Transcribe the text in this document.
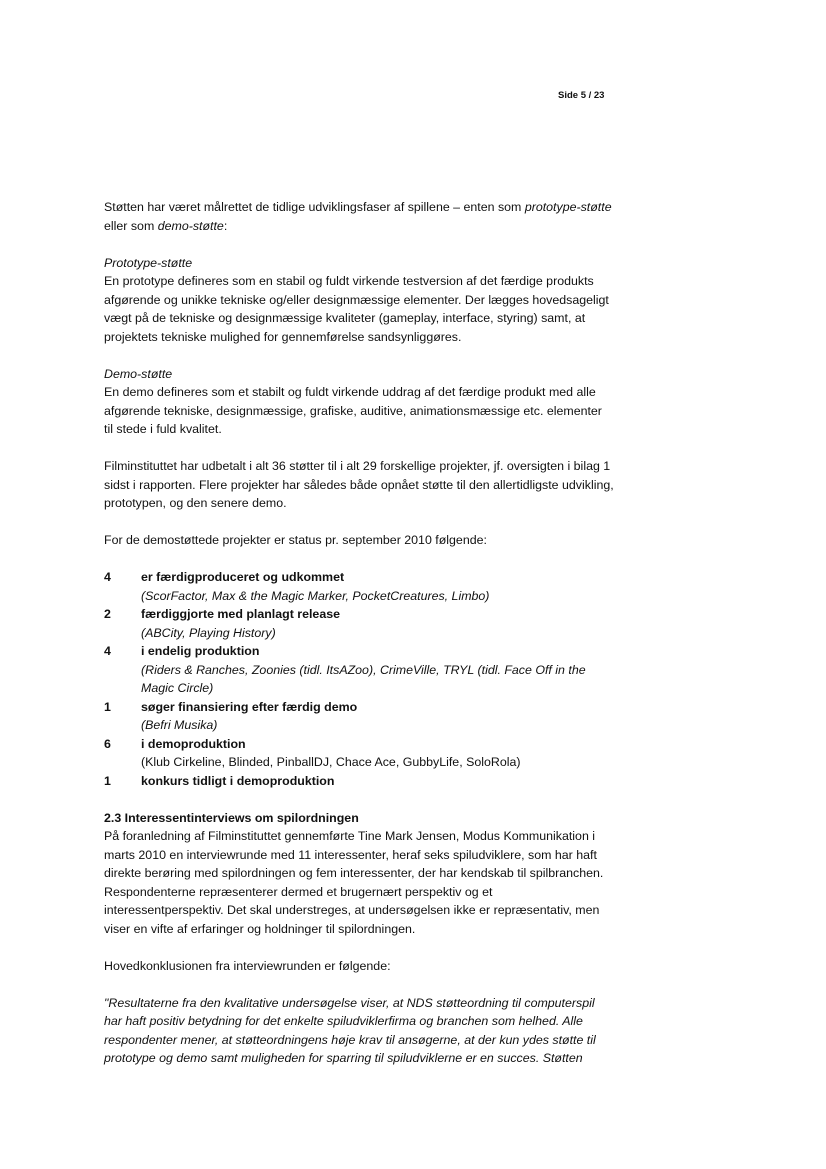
Side 5 / 23

Støtten har været målrettet de tidlige udviklingsfaser af spillene – enten som prototype-støtte eller som demo-støtte:

Prototype-støtte

En prototype defineres som en stabil og fuldt virkende testversion af det færdige produkts afgørende og unikke tekniske og/eller designmæssige elementer. Der lægges hovedsageligt vægt på de tekniske og designmæssige kvaliteter (gameplay, interface, styring) samt, at projektets tekniske mulighed for gennemførelse sandsynliggøres.

Demo-støtte

En demo defineres som et stabilt og fuldt virkende uddrag af det færdige produkt med alle afgørende tekniske, designmæssige, grafiske, auditive, animationsmæssige etc. elementer til stede i fuld kvalitet.

Filminstituttet har udbetalt i alt 36 støtter til i alt 29 forskellige projekter, jf. oversigten i bilag 1 sidst i rapporten. Flere projekter har således både opnået støtte til den allertidligste udvikling, prototypen, og den senere demo.

For de demostøttede projekter er status pr. september 2010 følgende:

4 er færdigproduceret og udkommet
(ScorFactor, Max & the Magic Marker, PocketCreatures, Limbo)
2 færdiggjorte med planlagt release
(ABCity, Playing History)
4 i endelig produktion
(Riders & Ranches, Zoonies (tidl. ItsAZoo), CrimeVille, TRYL (tidl. Face Off in the Magic Circle)
1 søger finansiering efter færdig demo
(Befri Musika)
6 i demoproduktion
(Klub Cirkeline, Blinded, PinballDJ, Chace Ace, GubbyLife, SoloRola)
1 konkurs tidligt i demoproduktion

2.3 Interessentinterviews om spilordningen

På foranledning af Filminstituttet gennemførte Tine Mark Jensen, Modus Kommunikation i marts 2010 en interviewrunde med 11 interessenter, heraf seks spiludviklere, som har haft direkte berøring med spilordningen og fem interessenter, der har kendskab til spilbranchen. Respondenterne repræsenterer dermed et brugernært perspektiv og et interessentperspektiv. Det skal understreges, at undersøgelsen ikke er repræsentativ, men viser en vifte af erfaringer og holdninger til spilordningen.

Hovedkonklusionen fra interviewrunden er følgende:

"Resultaterne fra den kvalitative undersøgelse viser, at NDS støtteordning til computerspil har haft positiv betydning for det enkelte spiludviklerfirma og branchen som helhed. Alle respondenter mener, at støtteordningens høje krav til ansøgerne, at der kun ydes støtte til prototype og demo samt muligheden for sparring til spiludviklerne er en succes. Støtten
